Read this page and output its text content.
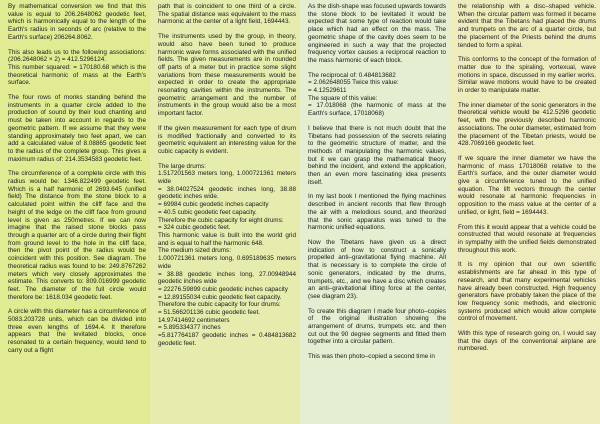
By mathematical conversion we find that this value is equal to 206.2648062 geodetic feet, which is harmonically equal to the length of the Earth's radius in seconds of arc (relative to the Earth's surface) 206264.8062.

This also leads us to the following associations: (206.2648062 × 2) = 412.5296124.
This number squared: = 170180.68 which is the theoretical harmonic of mass at the Earth's surface.

The four rows of monks standing behind the instruments in a quarter circle added to the production of sound by their loud chanting and must be taken into account in regards to the geometric pattern. If we assume that they were standing approximately two feet apart, we can add a calculated value of 8.08865 geodetic feet to the radius of the complete group. This gives a maximum radius of: 214.3534583 geodetic feet.

The circumference of a complete circle with this radius would be: 1346.822499 geodetic feet. Which is a half harmonic of 2693.645 (unified field) The distance from the stone block to a calculated point within the cliff face and the height of the ledge on the cliff face from ground level is given as 250metres. If we can now imagine that the raised stone blocks pass through a quarter arc of a circle during their flight from ground level to the hole in the cliff face, then the pivot point of the radius would be coincident with this position. See diagram. The theoretical radius was found to be: 249.8767262 meters which very closely approximates the estimate. This converts to: 809.016999 geodetic feet. The diameter of the full circle would therefore be: 1618.034 geodetic feet.

A circle with this diameter has a circumference of 5083.203728 units, which can be divided into three even lengths of 1694.4. It therefore appears that the levitated blocks, once resonated to a certain frequency, would tend to carry out a flight

path that is coincident to one third of a circle. The spatial distance was equivalent to the mass harmonic at the center of a light field, 1694443.

The instruments used by the group, in theory, would also have been tuned to produce harmonic wave forms associated with the unified fields. The given measurements are in rounded off parts of a meter but in practice some slight variations from these measurements would be expected in order to create the appropriate resonating cavities within the instruments. The geometric arrangement and the number of instruments in the group would also be a most important factor.

If the given measurement for each type of drum is modified fractionally and converted to its geometric equivalent an interesting value for the cubic capacity is evident.

The large drums:
1.517201563 meters long, 1.000721361 meters wide
= 38.04027524 geodetic inches long, 38.88 geodetic inches wide.
= 69984 cubic geodetic inches capacity
= 40.5 cubic geodetic feet capacity.
Therefore the cubic capacity for eight drums:
= 324 cubic geodetic feet.
This harmonic value is built into the world grid and is equal to half the harmonic 648.
The medium sized drums:
1.000721361 meters long, 0.695189635 meters wide
= 38.88 geodetic inches long, 27.00948944 geodetic inches wide
= 22276.59899 cubic geodetic inches capacity
= 12.89155034 cubic geodetic feet capacity.
Therefore the cubic capacity for four drums:
= 51.566201136 cubic geodetic feet.
14.97414692 centimeters
= 5.895334377 inches
=5.817764187 geodetic inches = 0.484813682 geodetic feet.

As the dish-shape was focused upwards towards the stone block to be levitated it would be expected that some type of reaction would take place which had an effect on the mass. The geometric shape of the cavity does seem to be engineered in such a way that the projected frequency vortex causes a reciprocal reaction to the mass harmonic of each block.

The reciprocal of: 0.484813682
= 2.062648055 Twice this value:
= 4.12529611
The square of this value:
= 17.018068 (the harmonic of mass at the Earth's surface, 17018068)

I believe that there is not much doubt that the Tibetans had possession of the secrets relating to the geometric structure of matter, and the methods of manipulating the harmonic values, but it we can grasp the mathematical theory behind the incident, and extend the application, then an even more fascinating idea presents itself.

In my last book I mentioned the flying machines described in ancient records that flew through the air with a melodious sound, and theorized that the sonic apparatus was tuned to the harmonic unified equations.

Now the Tibetans have given us a direct indication of how to construct a sonically propelled anti–gravitational flying machine. All that is necessary is to complete the circle of sonic generators, indicated by the drums, trumpets, etc., and we have a disc which creates an anti–gravitational lifting force at the center, (see diagram 23).

To create this diagram I made four photo–copies of the original illustration showing the arrangement of drums, trumpets etc. and then cut out the 90 degree segments and fitted them together into a circular pattern.

This was then photo–copied a second time in

the relationship with a disc–shaped vehicle. When the circular pattern was formed it became evident that the Tibetans had placed the drums and trumpets on the arc of a quarter circle, but the placement of the Priests behind the drums tended to form a spiral.

This conforms to the concept of the formation of matter due to the spiraling, vortexual, wave motions in space, discussed in my earlier works. Similar wave motions would have to be created in order to manipulate matter.

The inner diameter of the sonic generators in the theoretical vehicle would be 412.5296 geodetic feet, with the previously described harmonic associations. The outer diameter, estimated from the placement of the Tibetan priests, would be 428.7069166 geodetic feet.

If we square the inner diameter we have the harmonic of mass 17018068 relative to the Earth's surface, and the outer diameter would give a circumference tuned to the unified equation. The lift vectors through the center would resonate at harmonic frequencies in opposition to the mass value at the center of a unified, or light, field = 1694443.

From this it would appear that a vehicle could be constructed that would resonate at frequencies in sympathy with the unified fields demonstrated throughout this work.

It is my opinion that our own scientific establishments are far ahead in this type of research, and that many experimental vehicles have already been constructed. High frequency generators have probably taken the place of the low frequency sonic methods, and electronic systems produced which would allow complete control of movement.

With this type of research going on, I would say that the days of the conventional airplane are numbered.
